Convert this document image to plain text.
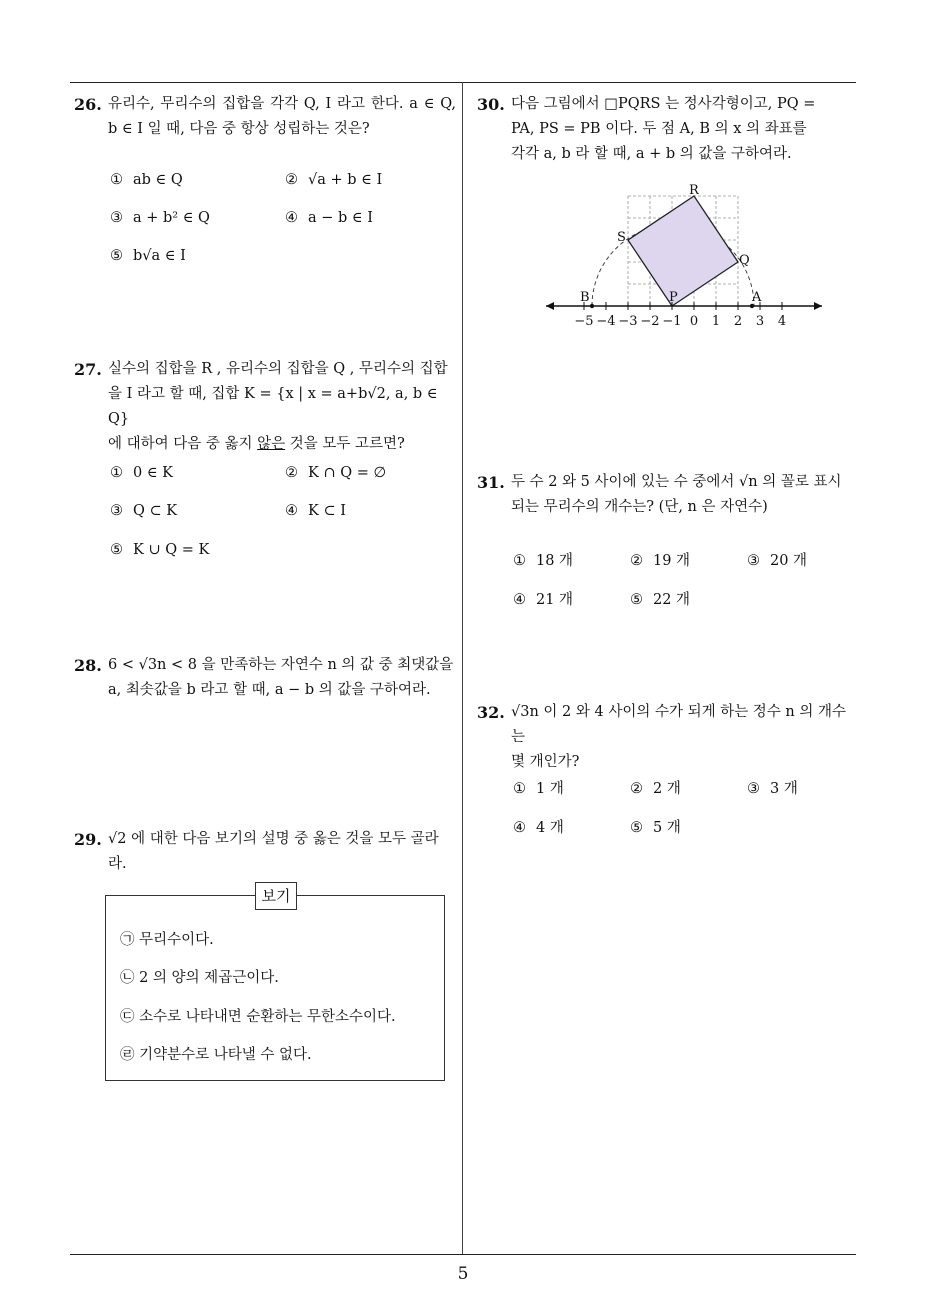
5
26. 유리수, 무리수의 집합을 각각 Q, I 라고 한다. a ∈ Q, b ∈ I 일 때, 다음 중 항상 성립하는 것은?
① ab ∈ Q	② √a + b ∈ I
③ a + b² ∈ Q	④ a − b ∈ I
⑤ b√a ∈ I
27. 실수의 집합을 R , 유리수의 집합을 Q , 무리수의 집합
을 I 라고 할 때, 집합 K = {x | x = a+b√2, a, b ∈ Q}
에 대하여 다음 중 옳지 않은 것을 모두 고르면?
① 0 ∈ K	② K ∩ Q = ∅
③ Q ⊂ K	④ K ⊂ I
⑤ K ∪ Q = K
28. 6 < √3n < 8 을 만족하는 자연수 n 의 값 중 최댓값을
a, 최솟값을 b 라고 할 때, a − b 의 값을 구하여라.
29. √2 에 대한 다음 보기의 설명 중 옳은 것을 모두 골라
라.
보기
㉠ 무리수이다.
㉡ 2 의 양의 제곱근이다.
㉢ 소수로 나타내면 순환하는 무한소수이다.
㉣ 기약분수로 나타낼 수 없다.
30. 다음 그림에서 □PQRS 는 정사각형이고, PQ =
PA, PS = PB 이다. 두 점 A, B 의 x 의 좌표를
각각 a, b 라 할 때, a + b 의 값을 구하여라.
R
S
Q
P
B	A
−5 −4 −3 −2 −1 0 1 2 3 4
31. 두 수 2 와 5 사이에 있는 수 중에서 √n 의 꼴로 표시
되는 무리수의 개수는? (단, n 은 자연수)
① 18 개	② 19 개	③ 20 개
④ 21 개	⑤ 22 개
32. √3n 이 2 와 4 사이의 수가 되게 하는 정수 n 의 개수는
몇 개인가?
① 1 개	② 2 개	③ 3 개
④ 4 개	⑤ 5 개
